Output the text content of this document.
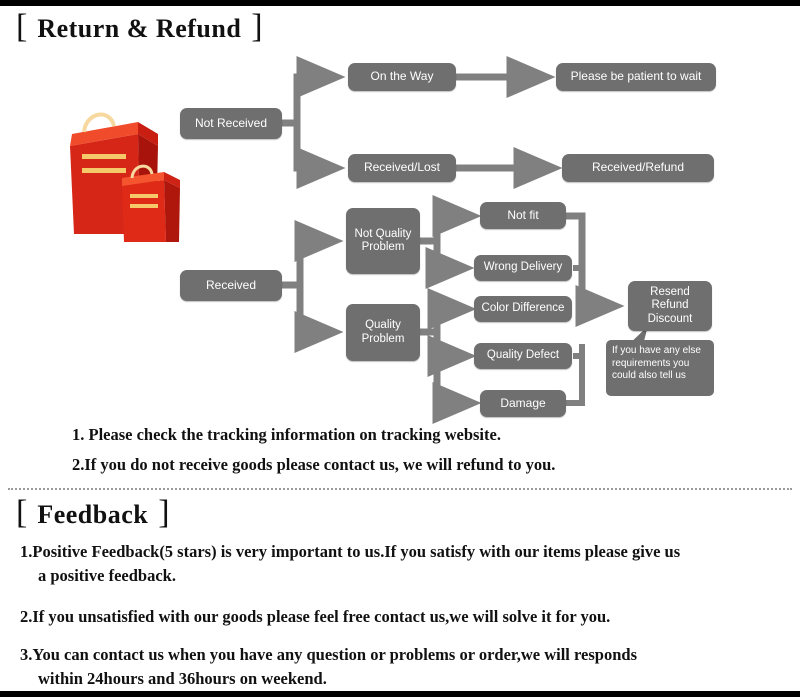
[ Return & Refund ]
Not Received
On the Way	Please be patient to wait
Received/Lost	Received/Refund
Received
Not Quality Problem
Quality Problem
Not fit
Wrong Delivery
Color Difference
Quality Defect
Damage
Resend Refund Discount
If you have any else requirements you could also tell us
1. Please check the tracking information on tracking website.
2.If you do not receive goods please contact us, we will refund to you.
[ Feedback ]
1.Positive Feedback(5 stars) is very important to us.If you satisfy with our items please give us
a positive feedback.
2.If you unsatisfied with our goods please feel free contact us,we will solve it for you.
3.You can contact us when you have any question or problems or order,we will responds
within 24hours and 36hours on weekend.
